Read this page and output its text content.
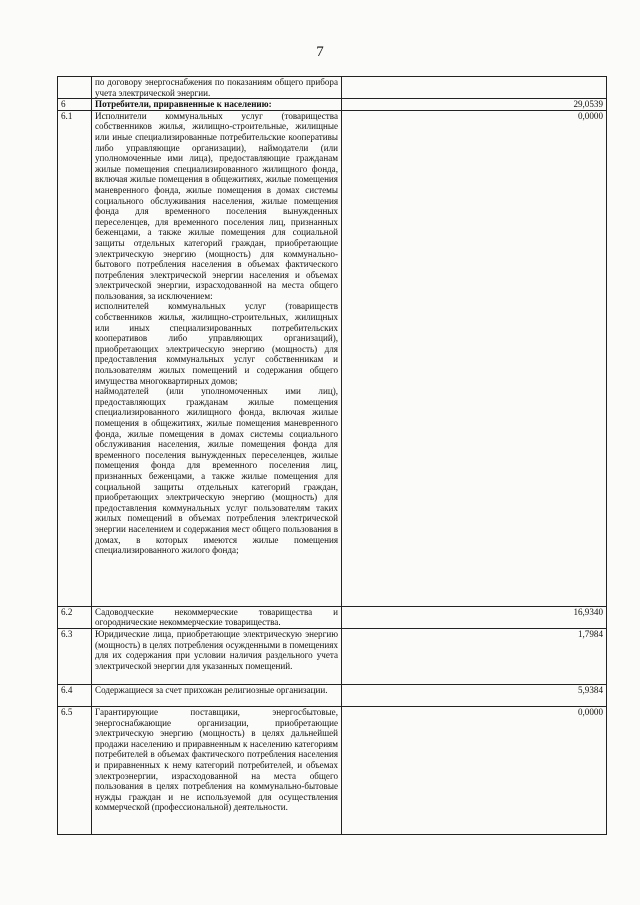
7
	по договору энергоснабжения по показаниям общего прибора учета электрической энергии.	
6	Потребители, приравненные к населению:	29,0539
6.1	Исполнители коммунальных услуг (товарищества собственников жилья, жилищно-строительные, жилищные или иные специализированные потребительские кооперативы либо управляющие организации), наймодатели (или уполномоченные ими лица), предоставляющие гражданам жилые помещения специализированного жилищного фонда, включая жилые помещения в общежитиях, жилые помещения маневренного фонда, жилые помещения в домах системы социального обслуживания населения, жилые помещения фонда для временного поселения вынужденных переселенцев, для временного поселения лиц, признанных беженцами, а также жилые помещения для социальной защиты отдельных категорий граждан, приобретающие электрическую энергию (мощность) для коммунально-бытового потребления населения в объемах фактического потребления электрической энергии населения и объемах электрической энергии, израсходованной на места общего пользования, за исключением:
исполнителей коммунальных услуг (товариществ собственников жилья, жилищно-строительных, жилищных или иных специализированных потребительских кооперативов либо управляющих организаций), приобретающих электрическую энергию (мощность) для предоставления коммунальных услуг собственникам и пользователям жилых помещений и содержания общего имущества многоквартирных домов;
наймодателей (или уполномоченных ими лиц), предоставляющих гражданам жилые помещения специализированного жилищного фонда, включая жилые помещения в общежитиях, жилые помещения маневренного фонда, жилые помещения в домах системы социального обслуживания населения, жилые помещения фонда для временного поселения вынужденных переселенцев, жилые помещения фонда для временного поселения лиц, признанных беженцами, а также жилые помещения для социальной защиты отдельных категорий граждан, приобретающих электрическую энергию (мощность) для предоставления коммунальных услуг пользователям таких жилых помещений в объемах потребления электрической энергии населением и содержания мест общего пользования в домах, в которых имеются жилые помещения специализированного жилого фонда;	0,0000
6.2	Садоводческие некоммерческие товарищества и огороднические некоммерческие товарищества.	16,9340
6.3	Юридические лица, приобретающие электрическую энергию (мощность) в целях потребления осужденными в помещениях для их содержания при условии наличия раздельного учета электрической энергии для указанных помещений.	1,7984
6.4	Содержащиеся за счет прихожан религиозные организации.	5,9384
6.5	Гарантирующие поставщики, энергосбытовые, энергоснабжающие организации, приобретающие электрическую энергию (мощность) в целях дальнейшей продажи населению и приравненным к населению категориям потребителей в объемах фактического потребления населения и приравненных к нему категорий потребителей, и объемах электроэнергии, израсходованной на места общего пользования в целях потребления на коммунально-бытовые нужды граждан и не используемой для осуществления коммерческой (профессиональной) деятельности.	0,0000
